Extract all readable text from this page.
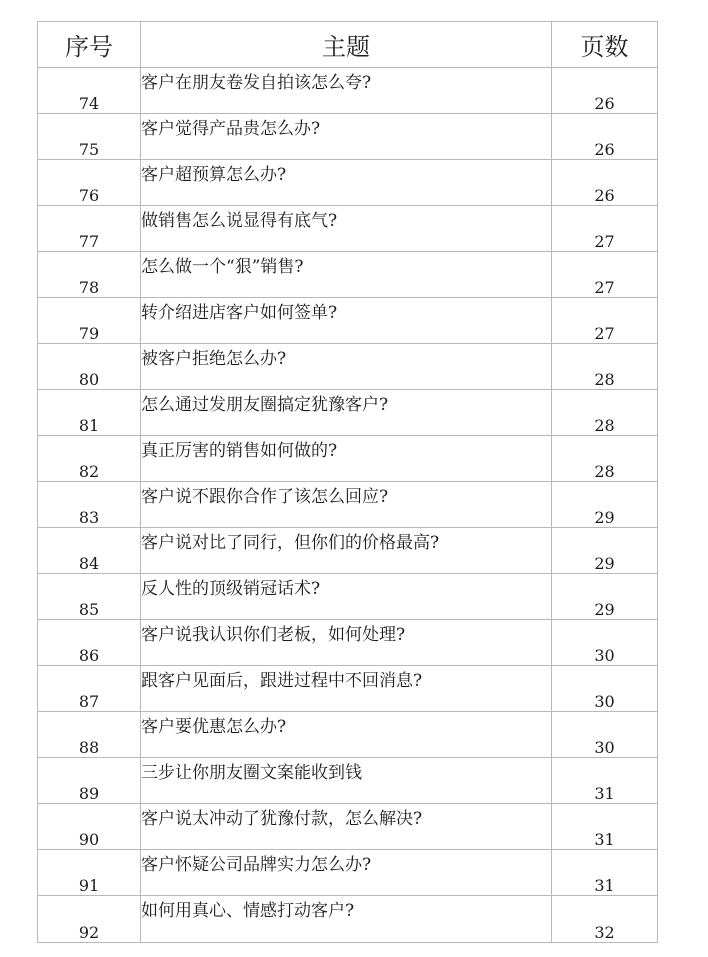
序号	主题	页数
74	客户在朋友卷发自拍该怎么夸?	26
75	客户觉得产品贵怎么办?	26
76	客户超预算怎么办?	26
77	做销售怎么说显得有底气?	27
78	怎么做一个“狠”销售?	27
79	转介绍进店客户如何签单?	27
80	被客户拒绝怎么办?	28
81	怎么通过发朋友圈搞定犹豫客户?	28
82	真正厉害的销售如何做的?	28
83	客户说不跟你合作了该怎么回应?	29
84	客户说对比了同行，但你们的价格最高?	29
85	反人性的顶级销冠话术?	29
86	客户说我认识你们老板，如何处理?	30
87	跟客户见面后，跟进过程中不回消息?	30
88	客户要优惠怎么办?	30
89	三步让你朋友圈文案能收到钱	31
90	客户说太冲动了犹豫付款，怎么解决?	31
91	客户怀疑公司品牌实力怎么办?	31
92	如何用真心、情感打动客户?	32
